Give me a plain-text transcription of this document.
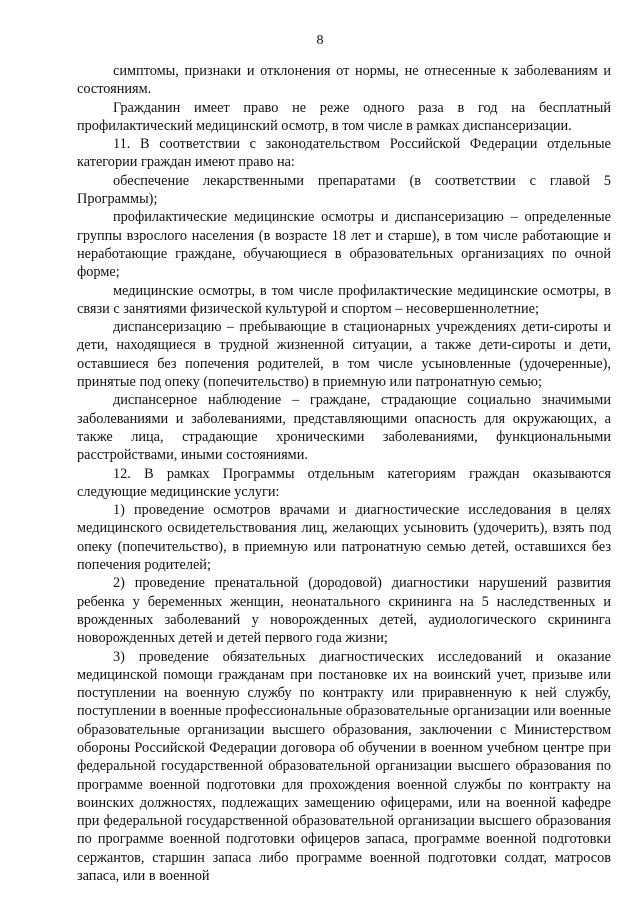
8

симптомы, признаки и отклонения от нормы, не отнесенные к заболеваниям и состояниям.

Гражданин имеет право не реже одного раза в год на бесплатный профилактический медицинский осмотр, в том числе в рамках диспансеризации.

11. В соответствии с законодательством Российской Федерации отдельные категории граждан имеют право на:

обеспечение лекарственными препаратами (в соответствии с главой 5 Программы);

профилактические медицинские осмотры и диспансеризацию – определенные группы взрослого населения (в возрасте 18 лет и старше), в том числе работающие и неработающие граждане, обучающиеся в образовательных организациях по очной форме;

медицинские осмотры, в том числе профилактические медицинские осмотры, в связи с занятиями физической культурой и спортом – несовершеннолетние;

диспансеризацию – пребывающие в стационарных учреждениях дети-сироты и дети, находящиеся в трудной жизненной ситуации, а также дети-сироты и дети, оставшиеся без попечения родителей, в том числе усыновленные (удочеренные), принятые под опеку (попечительство) в приемную или патронатную семью;

диспансерное наблюдение – граждане, страдающие социально значимыми заболеваниями и заболеваниями, представляющими опасность для окружающих, а также лица, страдающие хроническими заболеваниями, функциональными расстройствами, иными состояниями.

12. В рамках Программы отдельным категориям граждан оказываются следующие медицинские услуги:

1) проведение осмотров врачами и диагностические исследования в целях медицинского освидетельствования лиц, желающих усыновить (удочерить), взять под опеку (попечительство), в приемную или патронатную семью детей, оставшихся без попечения родителей;

2) проведение пренатальной (дородовой) диагностики нарушений развития ребенка у беременных женщин, неонатального скрининга на 5 наследственных и врожденных заболеваний у новорожденных детей, аудиологического скрининга новорожденных детей и детей первого года жизни;

3) проведение обязательных диагностических исследований и оказание медицинской помощи гражданам при постановке их на воинский учет, призыве или поступлении на военную службу по контракту или приравненную к ней службу, поступлении в военные профессиональные образовательные организации или военные образовательные организации высшего образования, заключении с Министерством обороны Российской Федерации договора об обучении в военном учебном центре при федеральной государственной образовательной организации высшего образования по программе военной подготовки для прохождения военной службы по контракту на воинских должностях, подлежащих замещению офицерами, или на военной кафедре при федеральной государственной образовательной организации высшего образования по программе военной подготовки офицеров запаса, программе военной подготовки сержантов, старшин запаса либо программе военной подготовки солдат, матросов запаса, или в военной
